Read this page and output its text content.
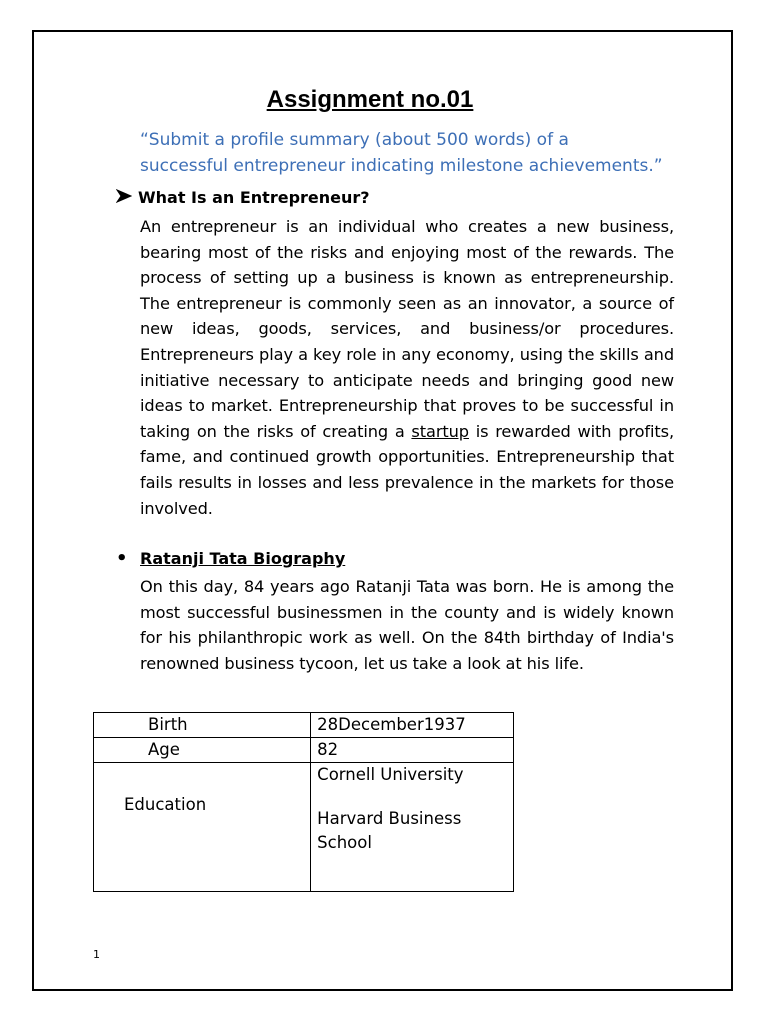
Assignment no.01
“Submit a profile summary (about 500 words) of a
successful entrepreneur indicating milestone achievements.”
What Is an Entrepreneur?
An entrepreneur is an individual who creates a new business, bearing most of the risks and enjoying most of the rewards. The process of setting up a business is known as entrepreneurship. The entrepreneur is commonly seen as an innovator, a source of new ideas, goods, services, and business/or procedures. Entrepreneurs play a key role in any economy, using the skills and initiative necessary to anticipate needs and bringing good new ideas to market. Entrepreneurship that proves to be successful in taking on the risks of creating a startup is rewarded with profits, fame, and continued growth opportunities. Entrepreneurship that fails results in losses and less prevalence in the markets for those involved.
• Ratanji Tata Biography
On this day, 84 years ago Ratanji Tata was born. He is among the most successful businessmen in the county and is widely known for his philanthropic work as well. On the 84th birthday of India's renowned business tycoon, let us take a look at his life.
Birth	28December1937

Age	82

Education	Cornell University
Harvard Business
School
1
